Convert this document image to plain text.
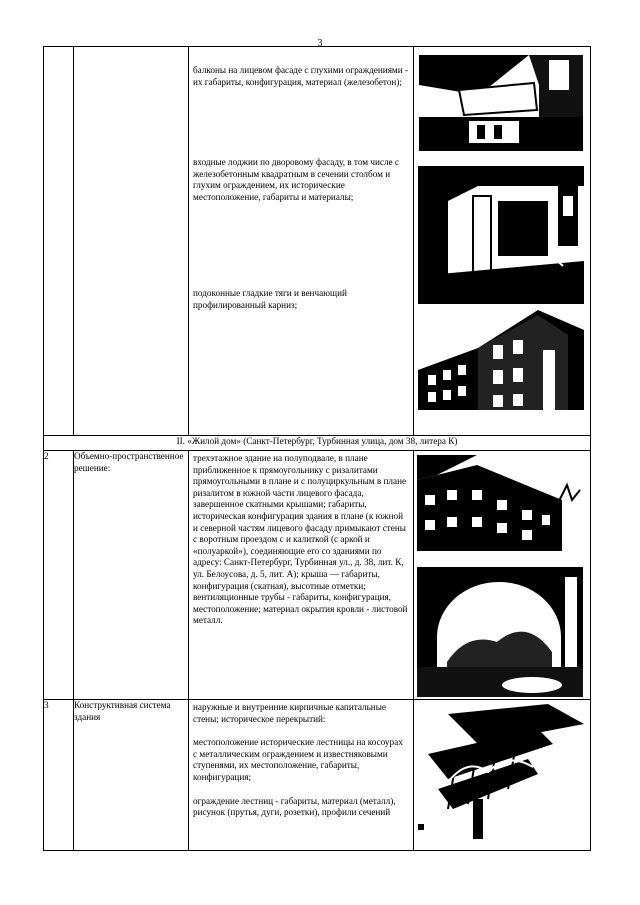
3

		балконы на лицевом фасаде с глухими ограждениями - их габариты, конфигурация, материал (железобетон);

входные лоджии по дворовому фасаду, в том числе с железобетонным квадратным в сечении столбом и глухим ограждением, их исторические местоположение, габариты и материалы;

подоконные гладкие тяги и венчающий профилированный карниз;

II. «Жилой дом» (Санкт-Петербург, Турбинная улица, дом 38, литера К)			
2	Объемно-пространственное решение:	трехэтажное здание на полуподвале, в плане приближенное к прямоугольнику с ризалитами прямоугольными в плане и с полуциркульным в плане ризалитом в южной части лицевого фасада, завершенное скатными крышами; габариты, историческая конфигурация здания в плане (к южной и северной частям лицевого фасаду примыкают стены с воротным проездом с и калиткой (с аркой и «полуаркой»), соединяющие его со зданиями по адресу: Санкт-Петербург, Турбинная ул., д. 38, лит. К, ул. Белоусова, д. 5, лит. А); крыша — габариты, конфигурация (скатная), высотные отметки; вентиляционные трубы - габариты, конфигурация, местоположение; материал окрытия кровли - листовой металл.

3	Конструктивная система здания	наружные и внутренние кирпичные капитальные стены; историческое перекрытий:

местоположение исторические лестницы на косоурах с металлическим ограждением и известняковыми ступенями, их местоположение, габариты, конфигурация;

ограждение лестниц - габариты, материал (металл), рисунок (прутья, дуги, розетки), профили сечений
